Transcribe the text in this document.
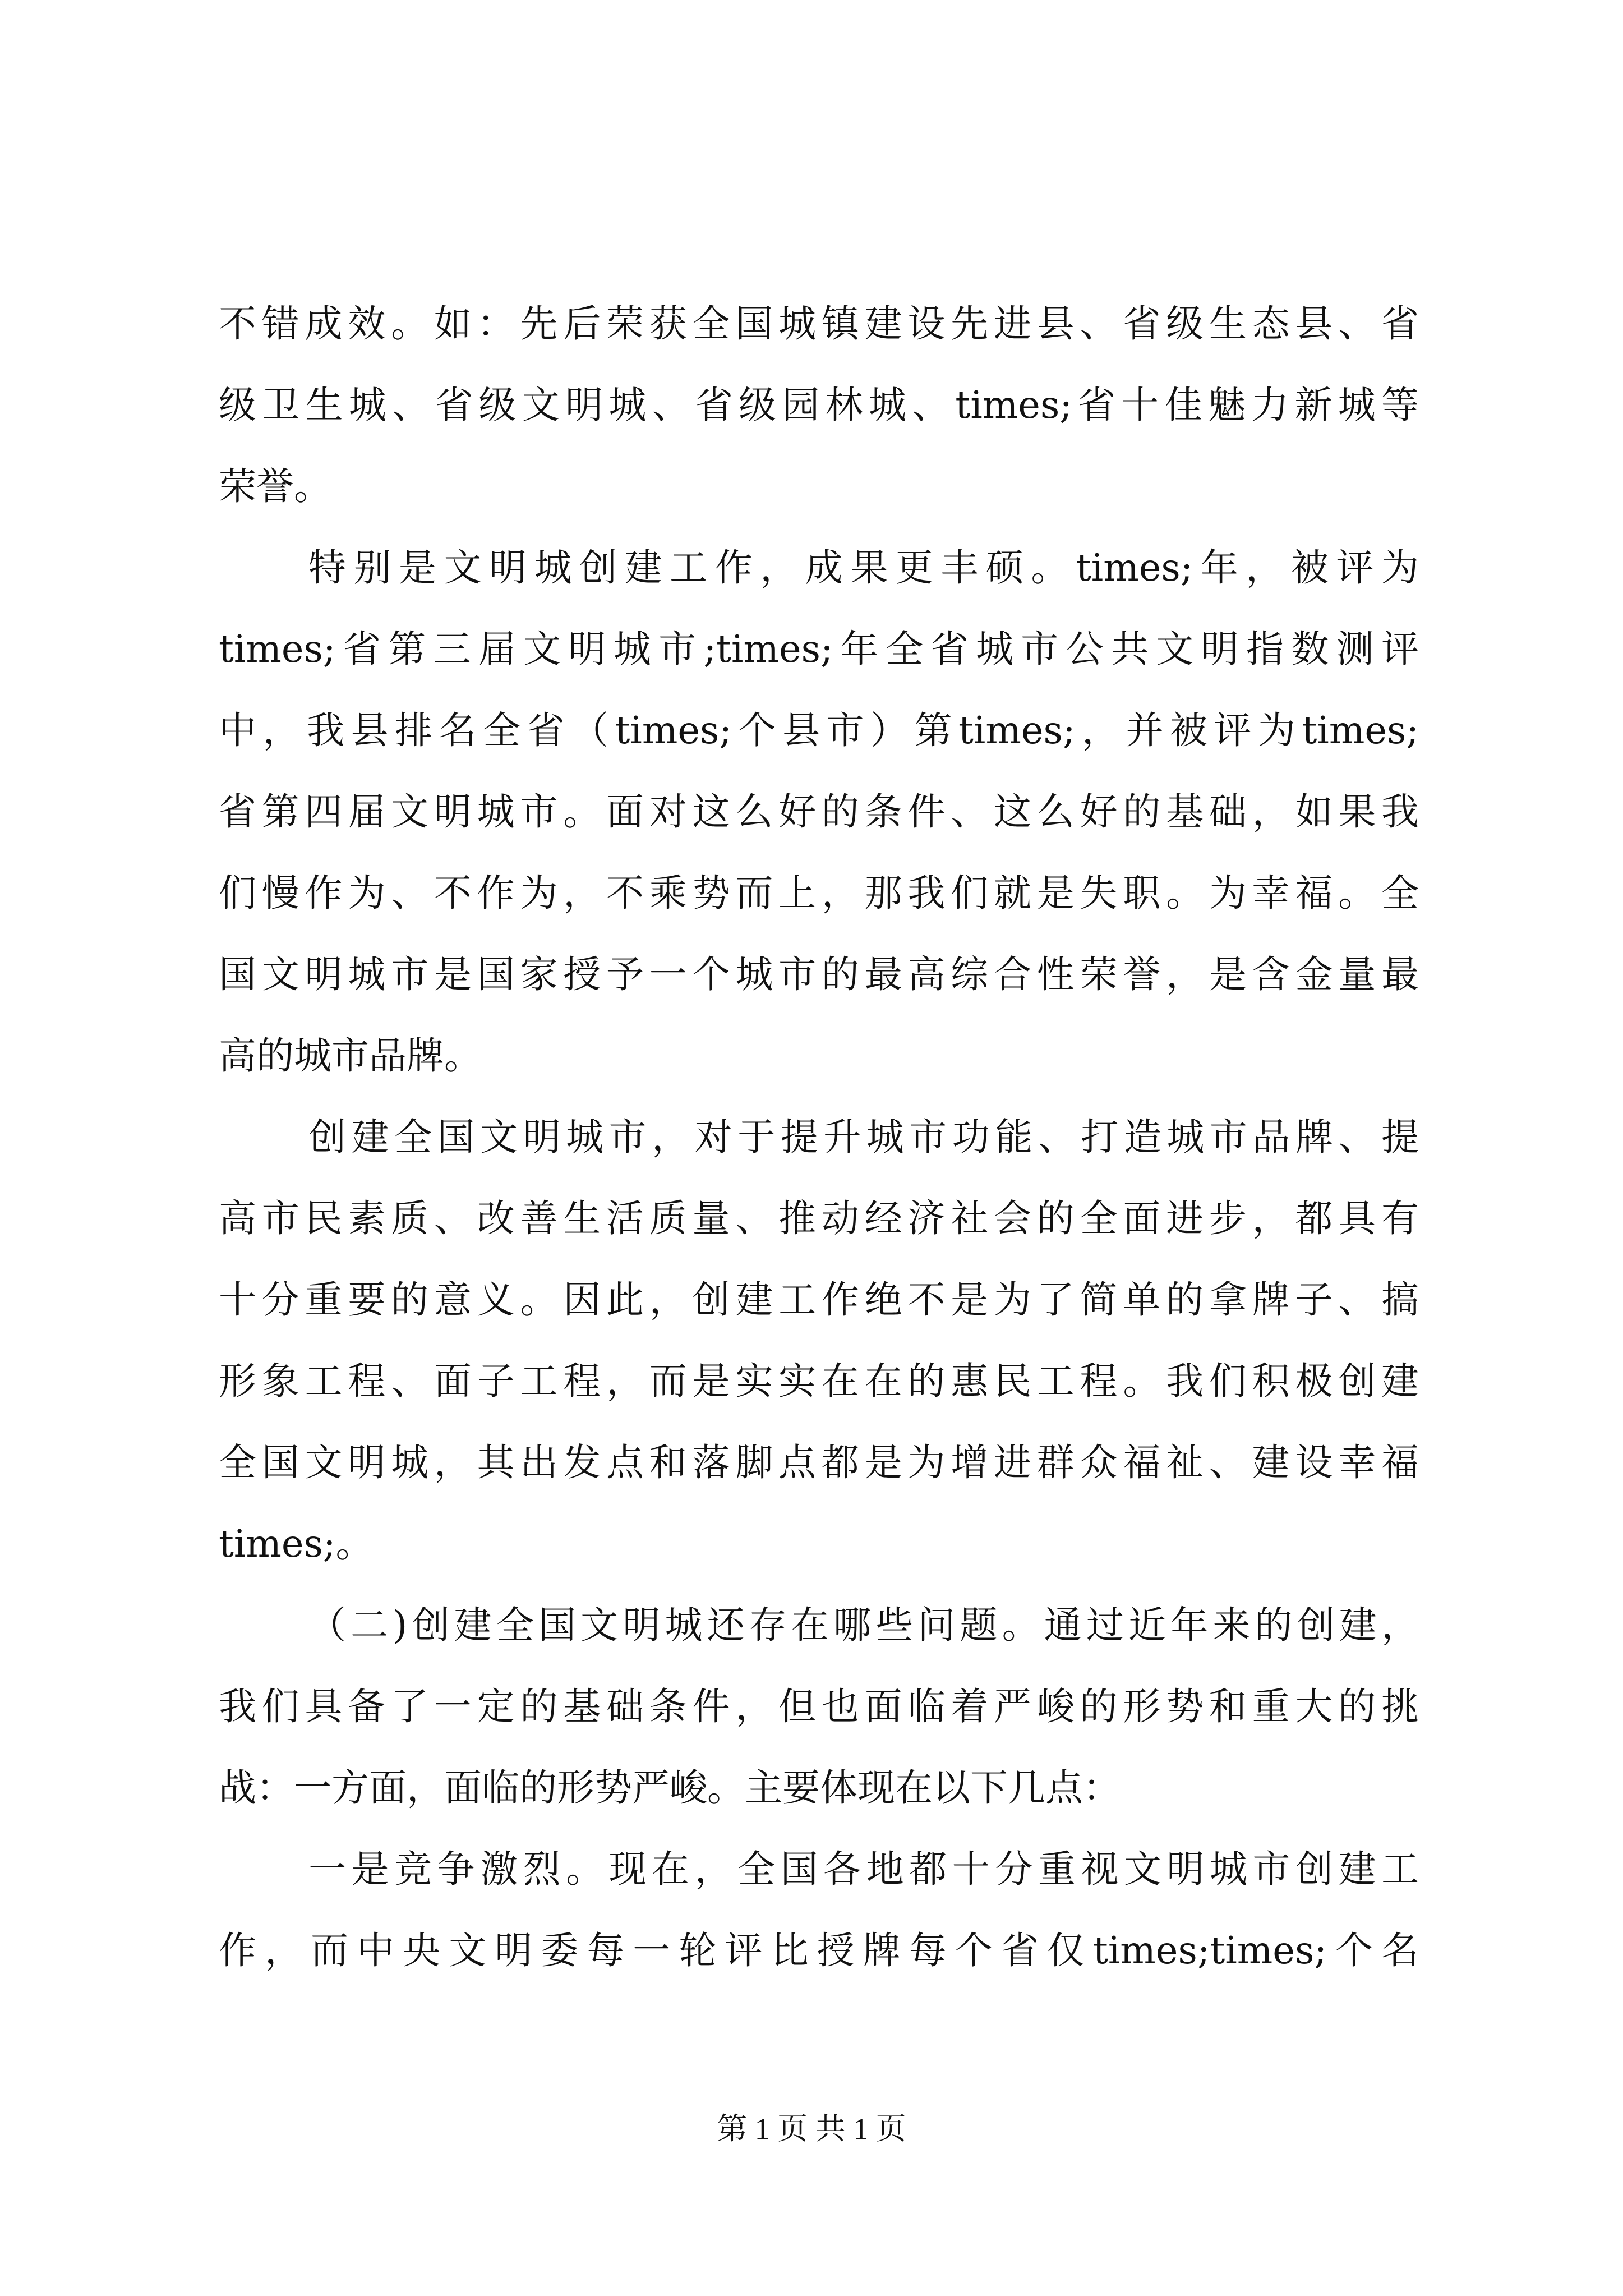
不错成效。如：先后荣获全国城镇建设先进县、省级生态县、省
级卫生城、省级文明城、省级园林城、times;省十佳魅力新城等
荣誉。
特别是文明城创建工作，成果更丰硕。times;年，被评为
times;省第三届文明城市;times;年全省城市公共文明指数测评
中，我县排名全省（times;个县市）第times;，并被评为times;
省第四届文明城市。面对这么好的条件、这么好的基础，如果我
们慢作为、不作为，不乘势而上，那我们就是失职。为幸福。全
国文明城市是国家授予一个城市的最高综合性荣誉，是含金量最
高的城市品牌。
创建全国文明城市，对于提升城市功能、打造城市品牌、提
高市民素质、改善生活质量、推动经济社会的全面进步，都具有
十分重要的意义。因此，创建工作绝不是为了简单的拿牌子、搞
形象工程、面子工程，而是实实在在的惠民工程。我们积极创建
全国文明城，其出发点和落脚点都是为增进群众福祉、建设幸福
times;。
（二)创建全国文明城还存在哪些问题。通过近年来的创建，
我们具备了一定的基础条件，但也面临着严峻的形势和重大的挑
战：一方面，面临的形势严峻。主要体现在以下几点：
一是竞争激烈。现在，全国各地都十分重视文明城市创建工
作，而中央文明委每一轮评比授牌每个省仅times;times;个名
第 1 页 共 1 页
